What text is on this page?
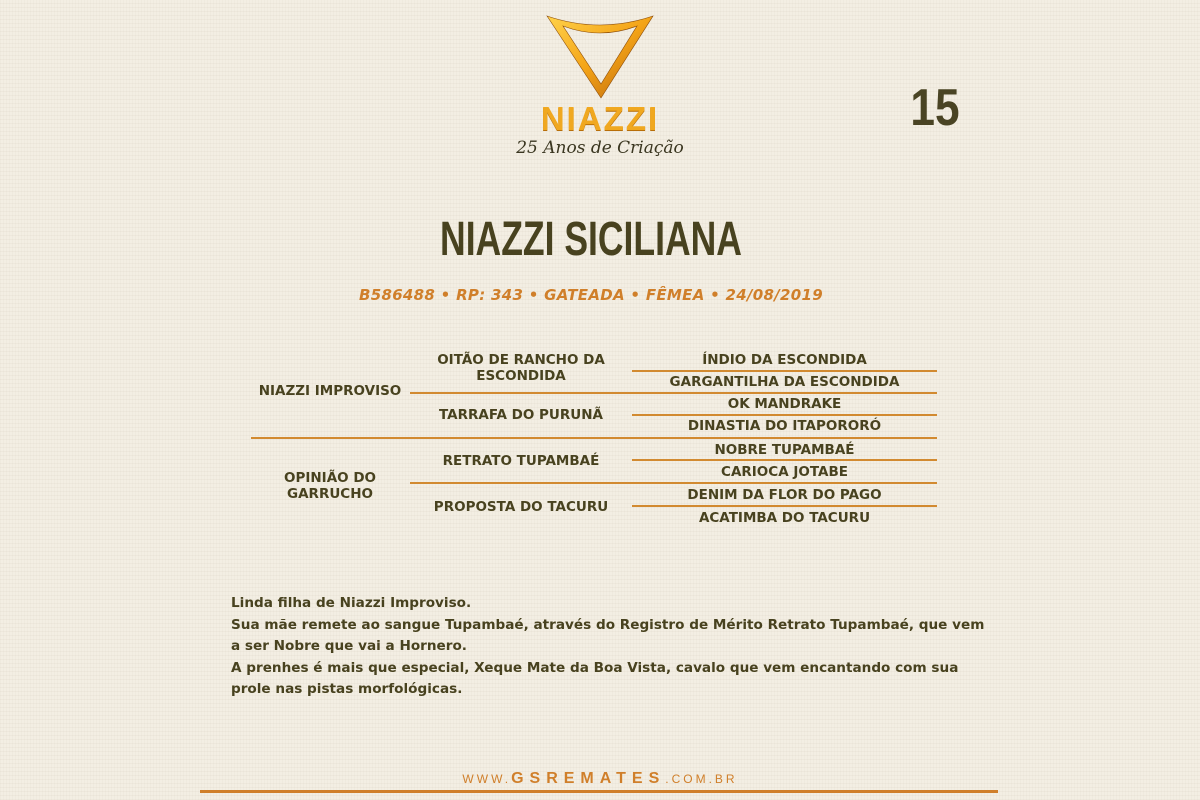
NIAZZI
25 Anos de Criação
15
NIAZZI SICILIANA
B586488 • RP: 343 • GATEADA • FÊMEA • 24/08/2019
NIAZZI IMPROVISO
OPINIÃO DO GARRUCHO
OITÃO DE RANCHO DA ESCONDIDA
TARRAFA DO PURUNÃ
RETRATO TUPAMBAÉ
PROPOSTA DO TACURU
ÍNDIO DA ESCONDIDA
GARGANTILHA DA ESCONDIDA
OK MANDRAKE
DINASTIA DO ITAPORORÓ
NOBRE TUPAMBAÉ
CARIOCA JOTABE
DENIM DA FLOR DO PAGO
ACATIMBA DO TACURU

Linda filha de Niazzi Improviso.

Sua mãe remete ao sangue Tupambaé, através do Registro de Mérito Retrato Tupambaé, que vem a ser Nobre que vai a Hornero.

A prenhes é mais que especial, Xeque Mate da Boa Vista, cavalo que vem encantando com sua prole nas pistas morfológicas.

WWW.GSREMATES.COM.BR
